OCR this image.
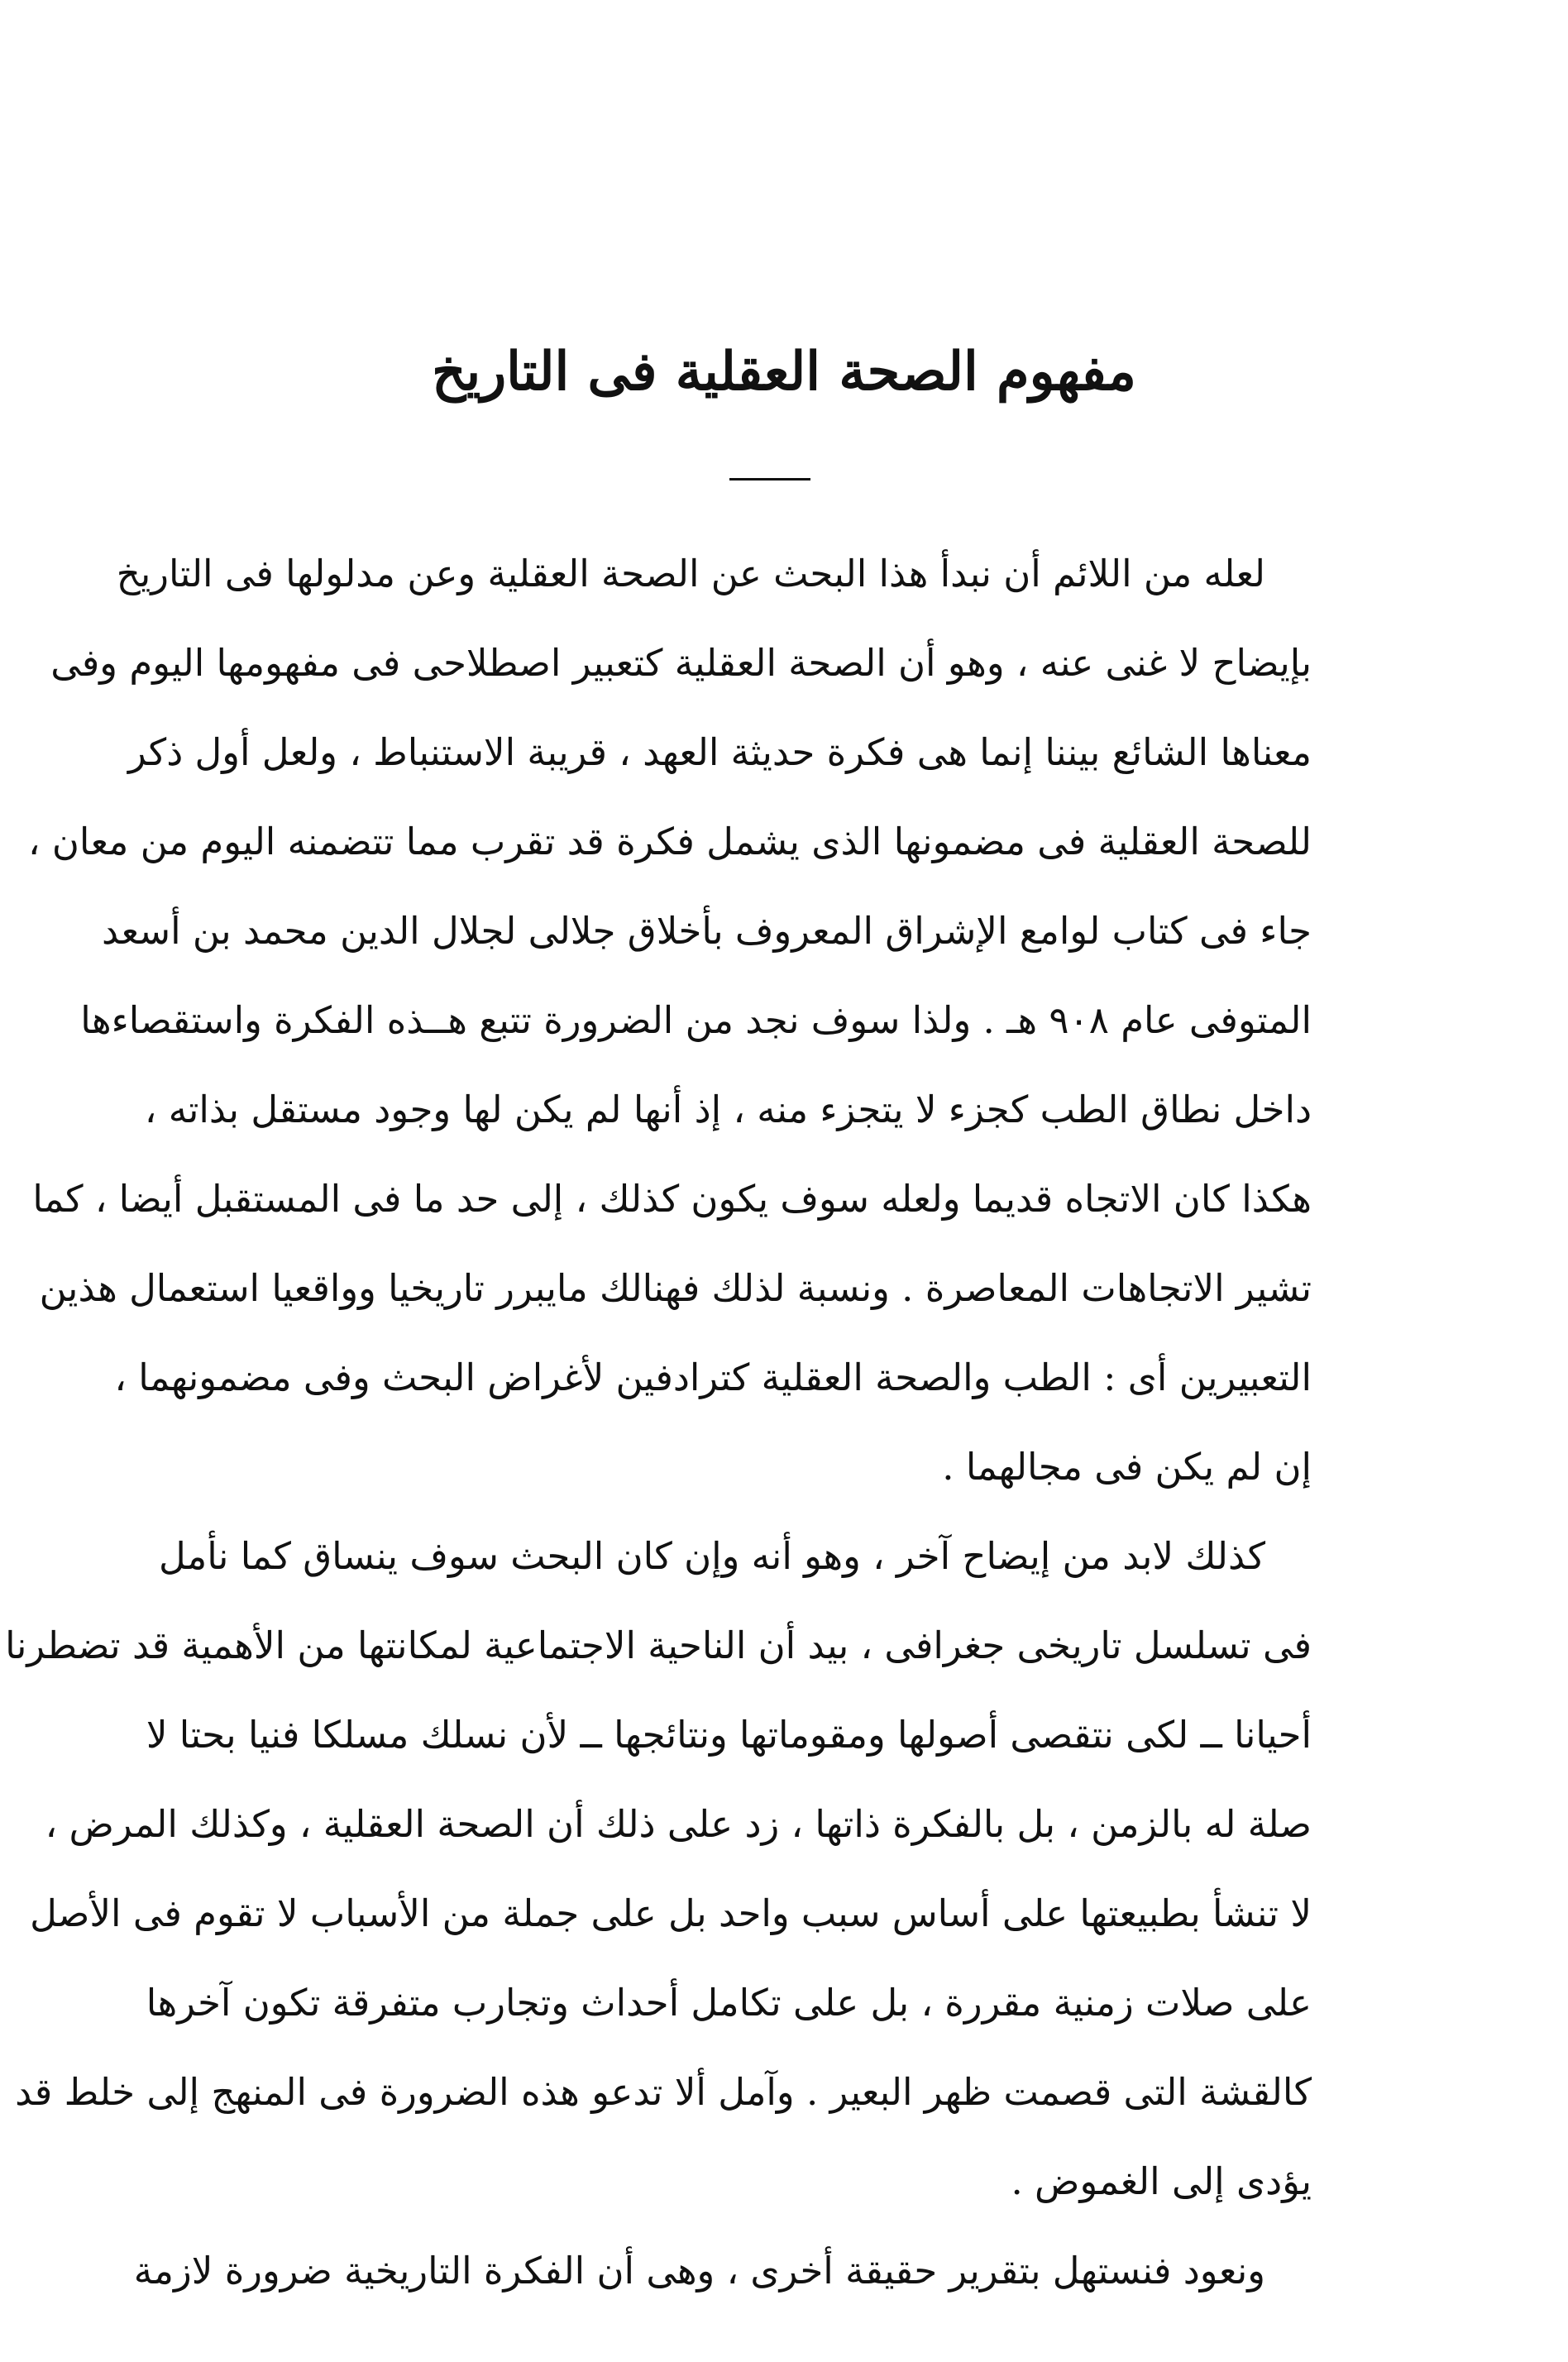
مفهوم الصحة العقلية فى التاريخ
لعله من اللائم أن نبدأ هذا البحث عن الصحة العقلية وعن مدلولها فى التاريخ
بإيضاح لا غنى عنه ، وهو أن الصحة العقلية كتعبير اصطلاحى فى مفهومها اليوم وفى
معناها الشائع بيننا إنما هى فكرة حديثة العهد ، قريبة الاستنباط ، ولعل أول ذكر
للصحة العقلية فى مضمونها الذى يشمل فكرة قد تقرب مما تتضمنه اليوم من معان ،
جاء فى كتاب لوامع الإشراق المعروف بأخلاق جلالى لجلال الدين محمد بن أسعد
المتوفى عام ٩٠٨ هـ . ولذا سوف نجد من الضرورة تتبع هــذه الفكرة واستقصاءها
داخل نطاق الطب كجزء لا يتجزء منه ، إذ أنها لم يكن لها وجود مستقل بذاته ،
هكذا كان الاتجاه قديما ولعله سوف يكون كذلك ، إلى حد ما فى المستقبل أيضا ، كما
تشير الاتجاهات المعاصرة . ونسبة لذلك فهنالك مايبرر تاريخيا وواقعيا استعمال هذين
التعبيرين أى : الطب والصحة العقلية كترادفين لأغراض البحث وفى مضمونهما ،
إن لم يكن فى مجالهما .
كذلك لابد من إيضاح آخر ، وهو أنه وإن كان البحث سوف ينساق كما نأمل
فى تسلسل تاريخى جغرافى ، بيد أن الناحية الاجتماعية لمكانتها من الأهمية قد تضطرنا
أحيانا ــ لكى نتقصى أصولها ومقوماتها ونتائجها ــ لأن نسلك مسلكا فنيا بحتا لا
صلة له بالزمن ، بل بالفكرة ذاتها ، زد على ذلك أن الصحة العقلية ، وكذلك المرض ،
لا تنشأ بطبيعتها على أساس سبب واحد بل على جملة من الأسباب لا تقوم فى الأصل
على صلات زمنية مقررة ، بل على تكامل أحداث وتجارب متفرقة تكون آخرها
كالقشة التى قصمت ظهر البعير . وآمل ألا تدعو هذه الضرورة فى المنهج إلى خلط قد
يؤدى إلى الغموض .
ونعود فنستهل بتقرير حقيقة أخرى ، وهى أن الفكرة التاريخية ضرورة لازمة
